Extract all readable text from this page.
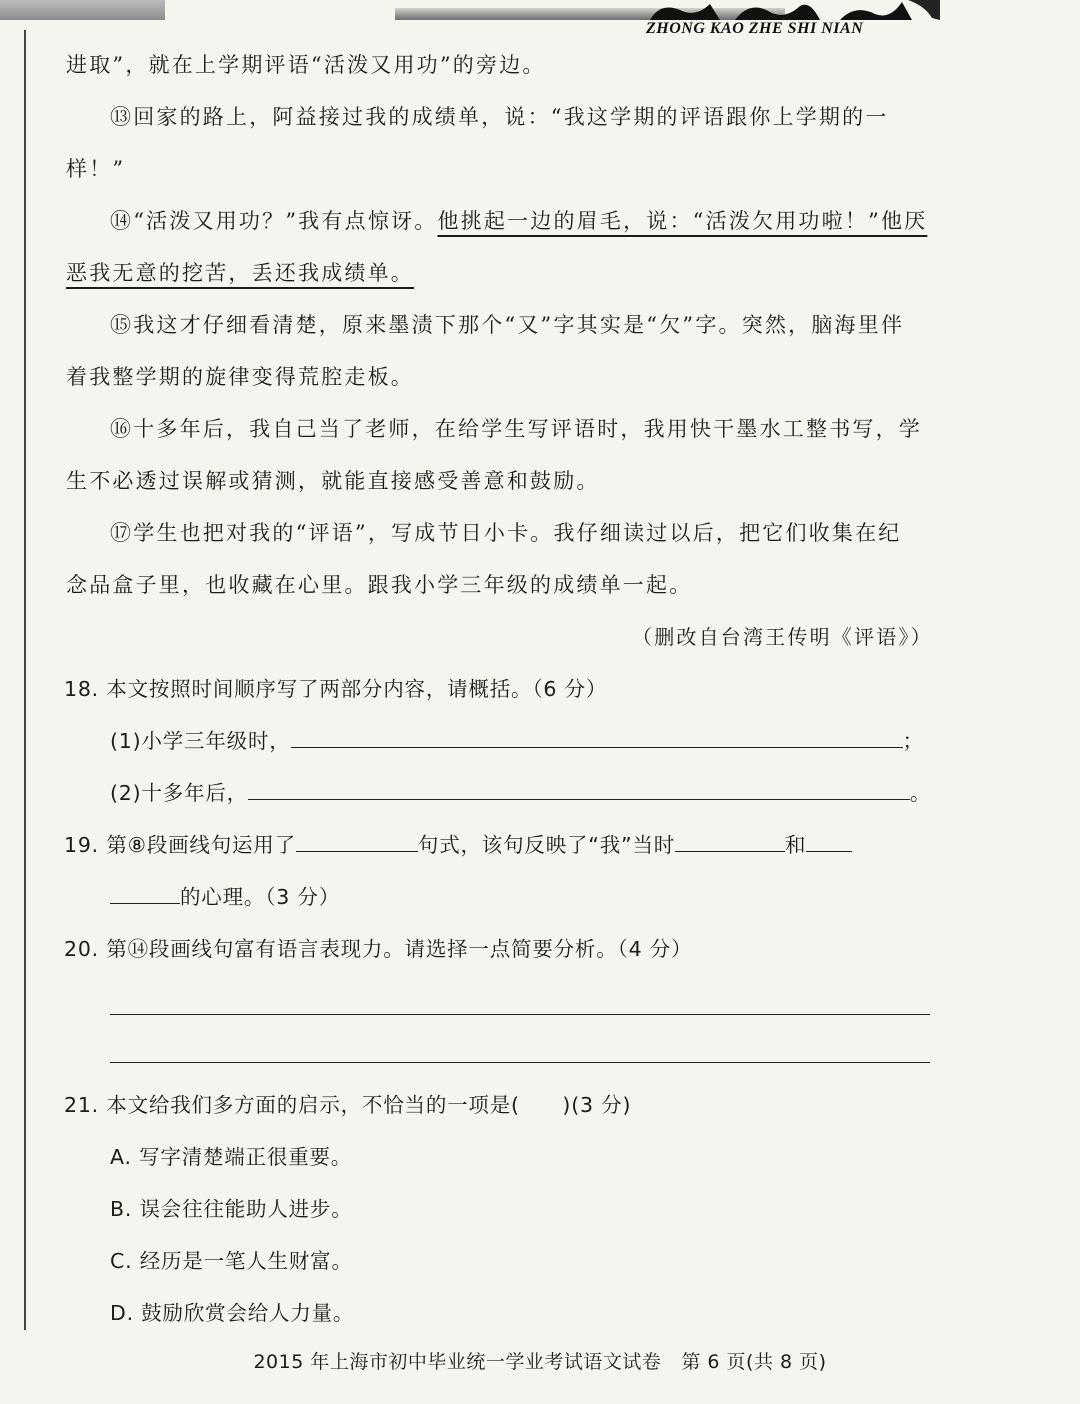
ZHONG KAO ZHE SHI NIAN
进取”，就在上学期评语“活泼又用功”的旁边。
⑬回家的路上，阿益接过我的成绩单，说：“我这学期的评语跟你上学期的一
样！”
⑭“活泼又用功？”我有点惊讶。他挑起一边的眉毛，说：“活泼欠用功啦！”他厌
恶我无意的挖苦，丢还我成绩单。
⑮我这才仔细看清楚，原来墨渍下那个“又”字其实是“欠”字。突然，脑海里伴
着我整学期的旋律变得荒腔走板。
⑯十多年后，我自己当了老师，在给学生写评语时，我用快干墨水工整书写，学
生不必透过误解或猜测，就能直接感受善意和鼓励。
⑰学生也把对我的“评语”，写成节日小卡。我仔细读过以后，把它们收集在纪
念品盒子里，也收藏在心里。跟我小学三年级的成绩单一起。
（删改自台湾王传明《评语》）
18. 本文按照时间顺序写了两部分内容，请概括。（6 分）
(1)小学三年级时，	；
(2)十多年后，	。
19. 第⑧段画线句运用了	句式，该句反映了“我”当时	和
的心理。（3 分）
20. 第⑭段画线句富有语言表现力。请选择一点简要分析。（4 分）
21. 本文给我们多方面的启示，不恰当的一项是(　　)(3 分)
A. 写字清楚端正很重要。
B. 误会往往能助人进步。
C. 经历是一笔人生财富。
D. 鼓励欣赏会给人力量。
2015 年上海市初中毕业统一学业考试语文试卷 第 6 页(共 8 页)
